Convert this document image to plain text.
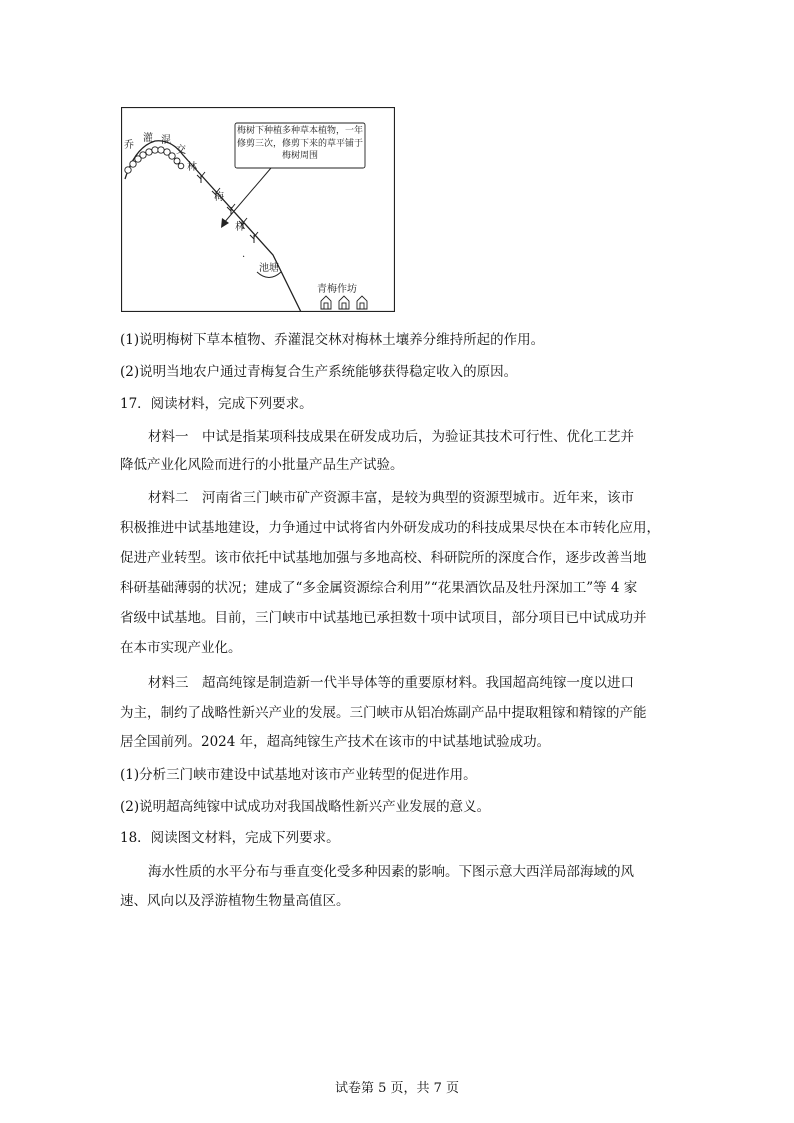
乔
灌 混
交
林
梅
林
.
池塘
青梅作坊
梅树下种植多种草本植物，一年修剪三次，修剪下来的草平铺于梅树周围
(1)说明梅树下草本植物、乔灌混交林对梅林土壤养分维持所起的作用。
(2)说明当地农户通过青梅复合生产系统能够获得稳定收入的原因。
17．阅读材料，完成下列要求。
材料一　中试是指某项科技成果在研发成功后，为验证其技术可行性、优化工艺并
降低产业化风险而进行的小批量产品生产试验。
材料二　河南省三门峡市矿产资源丰富，是较为典型的资源型城市。近年来，该市
积极推进中试基地建设，力争通过中试将省内外研发成功的科技成果尽快在本市转化应用，
促进产业转型。该市依托中试基地加强与多地高校、科研院所的深度合作，逐步改善当地
科研基础薄弱的状况；建成了“多金属资源综合利用”“花果酒饮品及牡丹深加工”等 4 家
省级中试基地。目前，三门峡市中试基地已承担数十项中试项目，部分项目已中试成功并
在本市实现产业化。
材料三　超高纯镓是制造新一代半导体等的重要原材料。我国超高纯镓一度以进口
为主，制约了战略性新兴产业的发展。三门峡市从铝冶炼副产品中提取粗镓和精镓的产能
居全国前列。2024 年，超高纯镓生产技术在该市的中试基地试验成功。
(1)分析三门峡市建设中试基地对该市产业转型的促进作用。
(2)说明超高纯镓中试成功对我国战略性新兴产业发展的意义。
18．阅读图文材料，完成下列要求。
海水性质的水平分布与垂直变化受多种因素的影响。下图示意大西洋局部海域的风
速、风向以及浮游植物生物量高值区。
试卷第 5 页，共 7 页
